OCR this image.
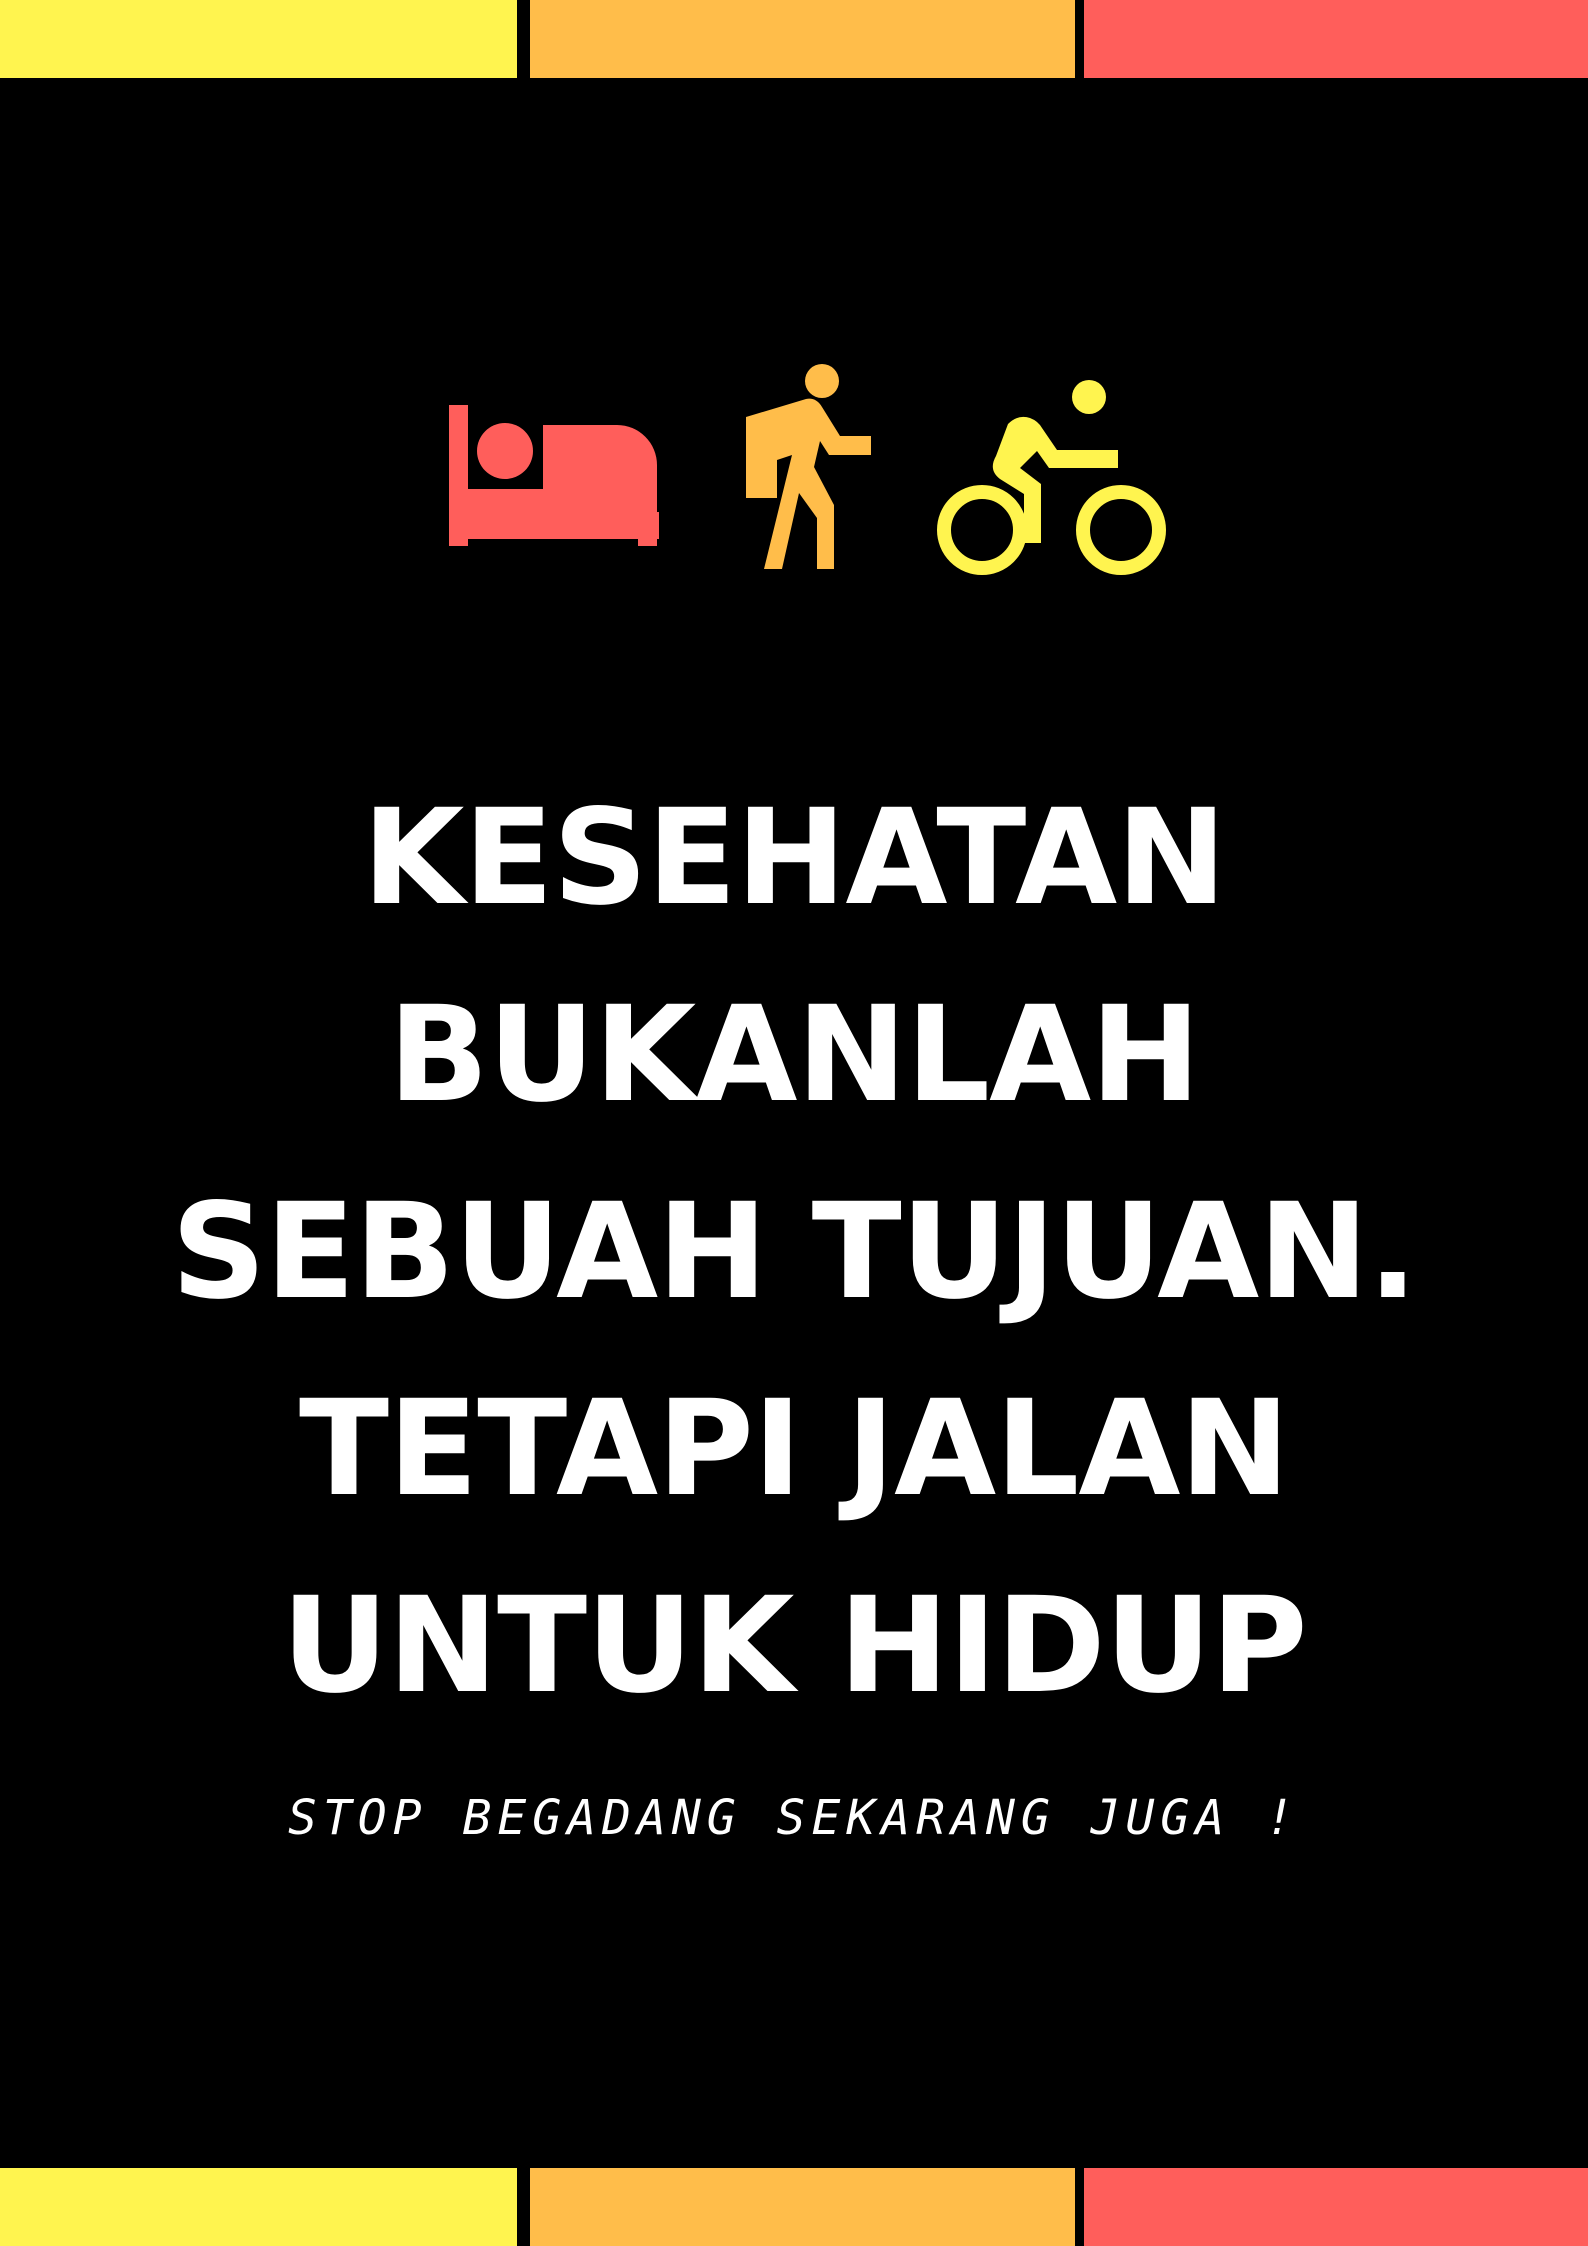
KESEHATAN
BUKANLAH
SEBUAH TUJUAN.
TETAPI JALAN
UNTUK HIDUP
STOP BEGADANG SEKARANG JUGA !
